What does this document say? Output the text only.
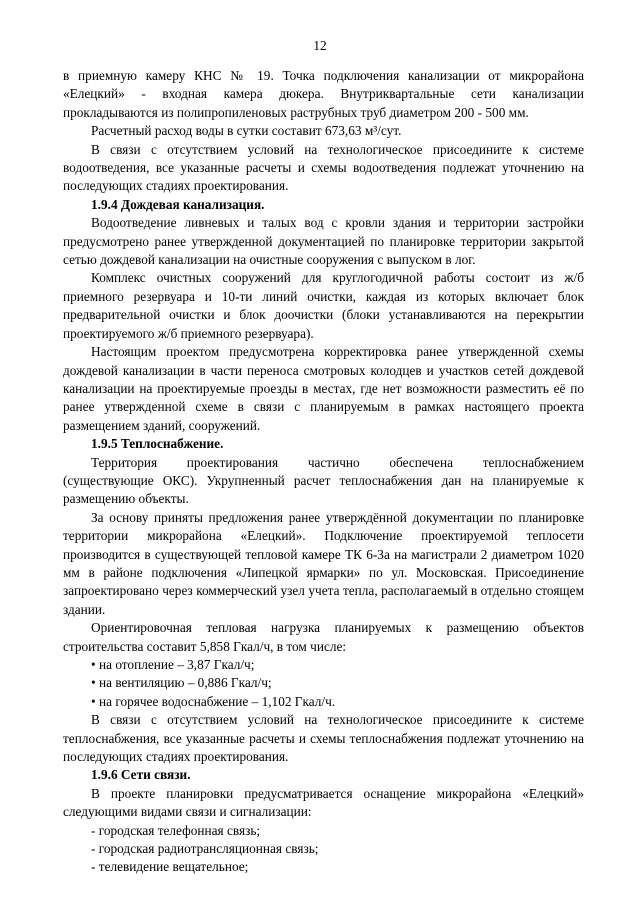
12

в приемную камеру КНС № 19. Точка подключения канализации от микрорайона «Елецкий» - входная камера дюкера. Внутриквартальные сети канализации прокладываются из полипропиленовых раструбных труб диаметром 200 - 500 мм.

Расчетный расход воды в сутки составит 673,63 м³/сут.

В связи с отсутствием условий на технологическое присоедините к системе водоотведения, все указанные расчеты и схемы водоотведения подлежат уточнению на последующих стадиях проектирования.

1.9.4 Дождевая канализация.

Водоотведение ливневых и талых вод с кровли здания и территории застройки предусмотрено ранее утвержденной документацией по планировке территории закрытой сетью дождевой канализации на очистные сооружения с выпуском в лог.

Комплекс очистных сооружений для круглогодичной работы состоит из ж/б приемного резервуара и 10-ти линий очистки, каждая из которых включает блок предварительной очистки и блок доочистки (блоки устанавливаются на перекрытии проектируемого ж/б приемного резервуара).

Настоящим проектом предусмотрена корректировка ранее утвержденной схемы дождевой канализации в части переноса смотровых колодцев и участков сетей дождевой канализации на проектируемые проезды в местах, где нет возможности разместить её по ранее утвержденной схеме в связи с планируемым в рамках настоящего проекта размещением зданий, сооружений.

1.9.5 Теплоснабжение.

Территория проектирования частично обеспечена теплоснабжением

(существующие ОКС). Укрупненный расчет теплоснабжения дан на планируемые к размещению объекты.

За основу приняты предложения ранее утверждённой документации по планировке территории микрорайона «Елецкий». Подключение проектируемой теплосети производится в существующей тепловой камере ТК 6-3а на магистрали 2 диаметром 1020 мм в районе подключения «Липецкой ярмарки» по ул. Московская. Присоединение запроектировано через коммерческий узел учета тепла, располагаемый в отдельно стоящем здании.

Ориентировочная тепловая нагрузка планируемых к размещению объектов строительства составит 5,858 Гкал/ч, в том числе:

• на отопление – 3,87 Гкал/ч;

• на вентиляцию – 0,886 Гкал/ч;

• на горячее водоснабжение – 1,102 Гкал/ч.

В связи с отсутствием условий на технологическое присоедините к системе теплоснабжения, все указанные расчеты и схемы теплоснабжения подлежат уточнению на последующих стадиях проектирования.

1.9.6 Сети связи.

В проекте планировки предусматривается оснащение микрорайона «Елецкий» следующими видами связи и сигнализации:

- городская телефонная связь;

- городская радиотрансляционная связь;

- телевидение вещательное;
